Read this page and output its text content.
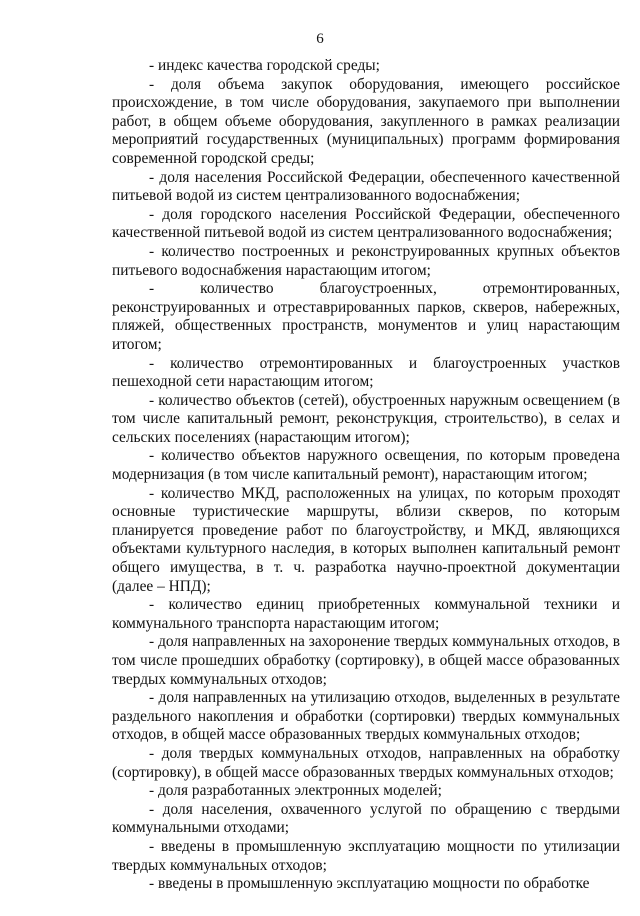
6

- индекс качества городской среды;

- доля объема закупок оборудования, имеющего российское происхождение, в том числе оборудования, закупаемого при выполнении работ, в общем объеме оборудования, закупленного в рамках реализации мероприятий государственных (муниципальных) программ формирования современной городской среды;

- доля населения Российской Федерации, обеспеченного качественной питьевой водой из систем централизованного водоснабжения;

- доля городского населения Российской Федерации, обеспеченного качественной питьевой водой из систем централизованного водоснабжения;

- количество построенных и реконструированных крупных объектов питьевого водоснабжения нарастающим итогом;

- количество благоустроенных, отремонтированных, реконструированных и отреставрированных парков, скверов, набережных, пляжей, общественных пространств, монументов и улиц нарастающим итогом;

- количество отремонтированных и благоустроенных участков пешеходной сети нарастающим итогом;

- количество объектов (сетей), обустроенных наружным освещением (в том числе капитальный ремонт, реконструкция, строительство), в селах и сельских поселениях (нарастающим итогом);

- количество объектов наружного освещения, по которым проведена модернизация (в том числе капитальный ремонт), нарастающим итогом;

- количество МКД, расположенных на улицах, по которым проходят основные туристические маршруты, вблизи скверов, по которым планируется проведение работ по благоустройству, и МКД, являющихся объектами культурного наследия, в которых выполнен капитальный ремонт общего имущества, в т. ч. разработка научно-проектной документации (далее – НПД);

- количество единиц приобретенных коммунальной техники и коммунального транспорта нарастающим итогом;

- доля направленных на захоронение твердых коммунальных отходов, в том числе прошедших обработку (сортировку), в общей массе образованных твердых коммунальных отходов;

- доля направленных на утилизацию отходов, выделенных в результате раздельного накопления и обработки (сортировки) твердых коммунальных отходов, в общей массе образованных твердых коммунальных отходов;

- доля твердых коммунальных отходов, направленных на обработку (сортировку), в общей массе образованных твердых коммунальных отходов;

- доля разработанных электронных моделей;

- доля населения, охваченного услугой по обращению с твердыми коммунальными отходами;

- введены в промышленную эксплуатацию мощности по утилизации твердых коммунальных отходов;

- введены в промышленную эксплуатацию мощности по обработке
